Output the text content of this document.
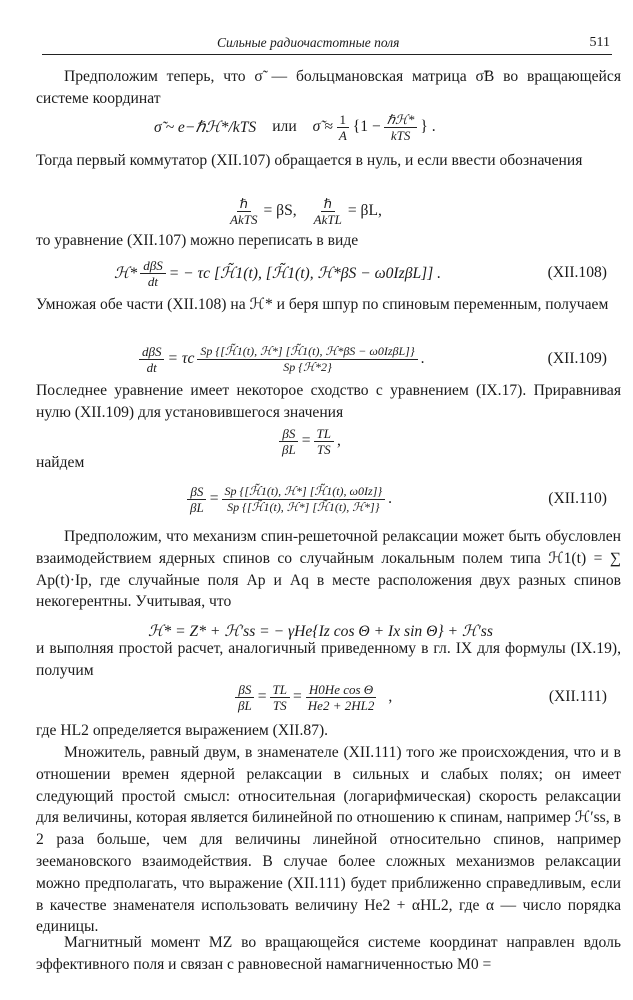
Сильные радиочастотные поля	511
Предположим теперь, что σ̃ — больцмановская матрица σ̃B во вращающейся системе координат
σ̃ ~ e−ℏℋ*/kTS или σ̃ ≈ $\frac{1}{A} \{1 - \frac{\text{ℏℋ*}}{\text{kTS}}$ } .
Тогда первый коммутатор (XII.107) обращается в нуль, и если ввести обозначения
$\frac{\text{ℏ}}{\text{AkTS}} = \beta S$, $\frac{\text{ℏ}}{\text{AkTL}} = \beta L$,
то уравнение (XII.107) можно переписать в виде
ℋ* $\frac{\text{dβS}}{dt}$ = − τc [ℋ̃1(t), [ℋ̃1(t), ℋ*βS − ω0IzβL]] .	(XII.108)
Умножая обе части (XII.108) на ℋ* и беря шпур по спиновым переменным, получаем
$\frac{\text{dβS}}{dt} = \tau c \frac{\text{Sp \{[ℋ̃1(t), ℋ*] [ℋ̃1(t), ℋ*βS − ω0IzβL]\}}}{\text{Sp \{ℋ*2\}}}$ .	(XII.109)
Последнее уравнение имеет некоторое сходство с уравнением (IX.17). Приравнивая нулю (XII.109) для установившегося значения
$\frac{\beta S}{\beta L} = \frac{TL}{TS}$ ,
найдем
$\frac{\beta S}{\beta L} = \frac{\text{Sp \{[ℋ̃1(t), ℋ*] [ℋ̃1(t), ω0Iz]\}}}{\text{Sp \{[ℋ̃1(t), ℋ*] [ℋ̃1(t), ℋ*]\}}}$ .	(XII.110)
Предположим, что механизм спин-решеточной релаксации может быть обусловлен взаимодействием ядерных спинов со случайным локальным полем типа ℋ1(t) = ∑ Ap(t)·Ip, где случайные поля Ap и Aq в месте расположения двух разных спинов некогерентны. Учитывая, что
ℋ* = Z* + ℋ′ss = − γHe{Iz cos Θ + Ix sin Θ} + ℋ′ss
и выполняя простой расчет, аналогичный приведенному в гл. IX для формулы (IX.19), получим
$\frac{\beta S}{\beta L} = \frac{TL}{TS} = \frac{\text{H0He cos Θ}}{He2 + 2HL2}$ ,	(XII.111)
где HL2 определяется выражением (XII.87).
Множитель, равный двум, в знаменателе (XII.111) того же происхождения, что и в отношении времен ядерной релаксации в сильных и слабых полях; он имеет следующий простой смысл: относительная (логарифмическая) скорость релаксации для величины, которая является билинейной по отношению к спинам, например ℋ′ss, в 2 раза больше, чем для величины линейной относительно спинов, например зеемановского взаимодействия. В случае более сложных механизмов релаксации можно предполагать, что выражение (XII.111) будет приближенно справедливым, если в качестве знаменателя использовать величину He2 + αHL2, где α — число порядка единицы.
Магнитный момент MZ во вращающейся системе координат направлен вдоль эффективного поля и связан с равновесной намагниченностью M0 =
